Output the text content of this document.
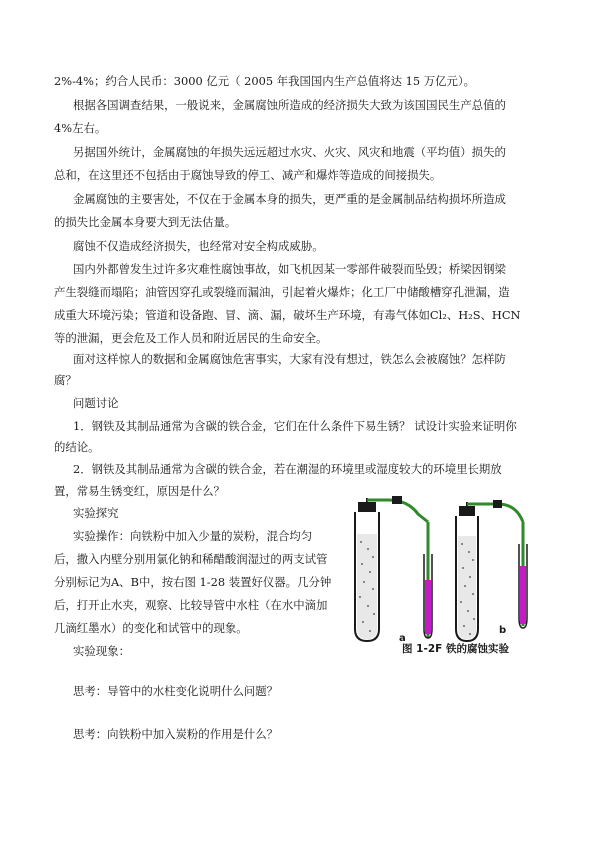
2%-4%；约合人民币：3000 亿元（ 2005 年我国国内生产总值将达 15 万亿元）。
根据各国调查结果，一般说来，金属腐蚀所造成的经济损失大致为该国国民生产总值的
4%左右。
另据国外统计，金属腐蚀的年损失远远超过水灾、火灾、风灾和地震（平均值）损失的
总和，在这里还不包括由于腐蚀导致的停工、减产和爆炸等造成的间接损失。
金属腐蚀的主要害处，不仅在于金属本身的损失，更严重的是金属制品结构损坏所造成
的损失比金属本身要大到无法估量。
腐蚀不仅造成经济损失，也经常对安全构成威胁。
国内外都曾发生过许多灾难性腐蚀事故，如飞机因某一零部件破裂而坠毁；桥梁因钢梁
产生裂缝而塌陷；油管因穿孔或裂缝而漏油，引起着火爆炸；化工厂中储酸槽穿孔泄漏，造
成重大环境污染；管道和设备跑、冒、滴、漏，破坏生产环境，有毒气体如Cl₂、H₂S、HCN
等的泄漏，更会危及工作人员和附近居民的生命安全。
面对这样惊人的数据和金属腐蚀危害事实，大家有没有想过，铁怎么会被腐蚀？怎样防
腐？
问题讨论
1．钢铁及其制品通常为含碳的铁合金，它们在什么条件下易生锈？ 试设计实验来证明你
的结论。
2．钢铁及其制品通常为含碳的铁合金，若在潮湿的环境里或湿度较大的环境里长期放
置，常易生锈变红，原因是什么？
实验探究
实验操作：向铁粉中加入少量的炭粉，混合均匀
后，撒入内壁分别用氯化钠和稀醋酸润湿过的两支试管
分别标记为A、B中，按右图 1-28 装置好仪器。几分钟
后，打开止水夹，观察、比较导管中水柱（在水中滴加
几滴红墨水）的变化和试管中的现象。
实验现象：
思考：导管中的水柱变化说明什么问题？
思考：向铁粉中加入炭粉的作用是什么？
a
b
图 1-2F 铁的腐蚀实验
